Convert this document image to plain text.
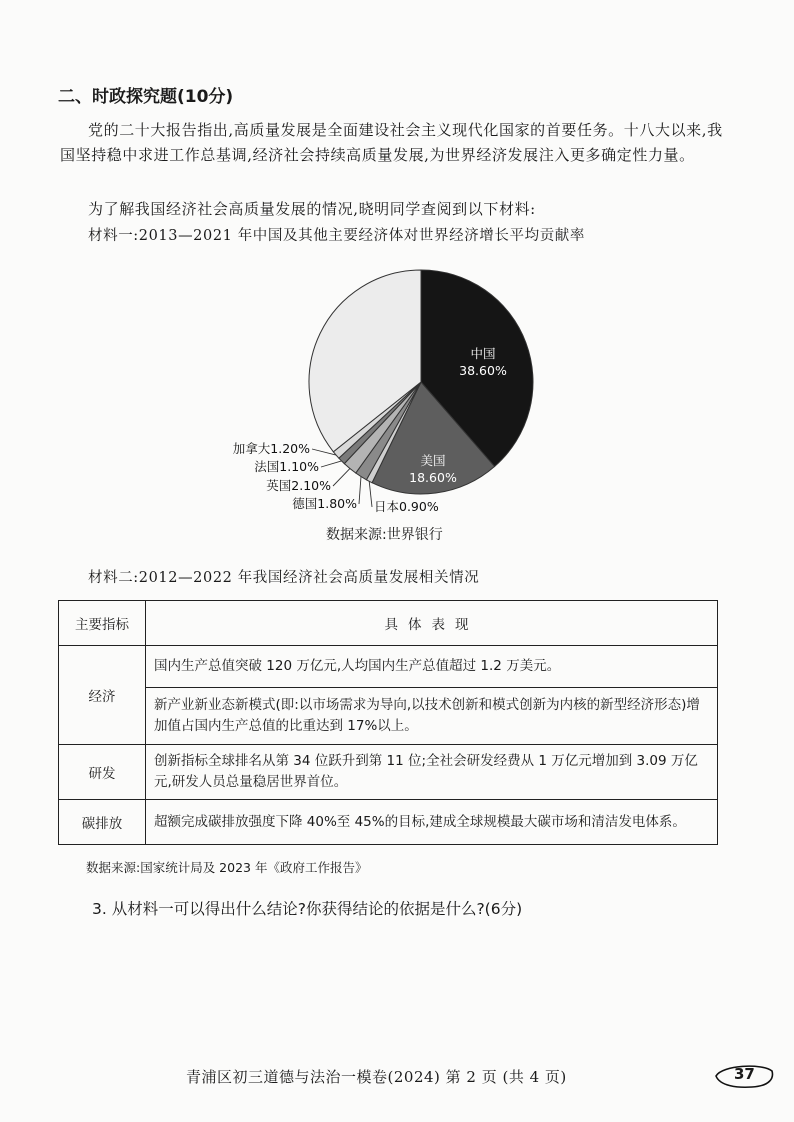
二、时政探究题(10分)
党的二十大报告指出,高质量发展是全面建设社会主义现代化国家的首要任务。十八大以来,我国坚持稳中求进工作总基调,经济社会持续高质量发展,为世界经济发展注入更多确定性力量。
为了解我国经济社会高质量发展的情况,晓明同学查阅到以下材料:
材料一:2013—2021 年中国及其他主要经济体对世界经济增长平均贡献率
中国
38.60%
美国
18.60%
日本0.90%
德国1.80%
英国2.10%
法国1.10%
加拿大1.20%
数据来源:世界银行
材料二:2012—2022 年我国经济社会高质量发展相关情况
主要指标	具体表现
经济	国内生产总值突破 120 万亿元,人均国内生产总值超过 1.2 万美元。
	新产业新业态新模式(即:以市场需求为导向,以技术创新和模式创新为内核的新型经济形态)增加值占国内生产总值的比重达到 17%以上。
研发	创新指标全球排名从第 34 位跃升到第 11 位;全社会研发经费从 1 万亿元增加到 3.09 万亿元,研发人员总量稳居世界首位。
碳排放	超额完成碳排放强度下降 40%至 45%的目标,建成全球规模最大碳市场和清洁发电体系。
数据来源:国家统计局及 2023 年《政府工作报告》
3. 从材料一可以得出什么结论?你获得结论的依据是什么?(6分)
青浦区初三道德与法治一模卷(2024) 第 2 页 (共 4 页)	37
